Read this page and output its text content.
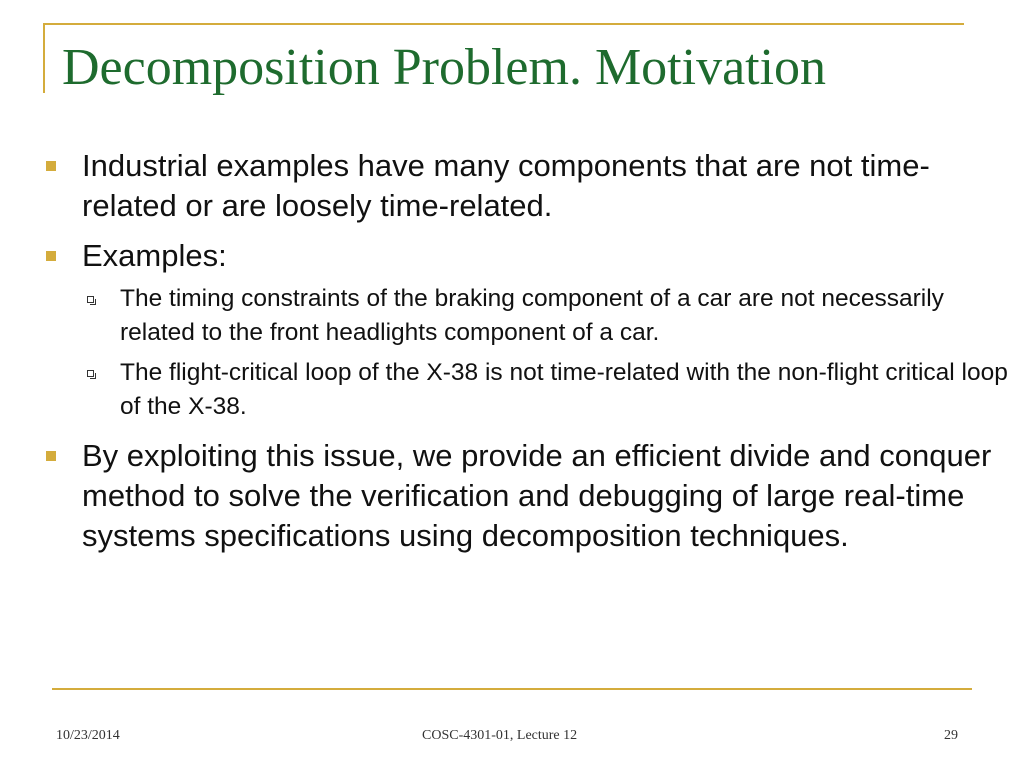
Decomposition Problem. Motivation

Industrial examples have many components that are not time-related or are loosely time-related.

Examples:

The timing constraints of the braking component of a car are not necessarily related to the front headlights component of a car.

The flight-critical loop of the X-38 is not time-related with the non-flight critical loop of the X-38.

By exploiting this issue, we provide an efficient divide and conquer method to solve the verification and debugging of large real-time systems specifications using decomposition techniques.

10/23/2014	COSC-4301-01, Lecture 12	29
